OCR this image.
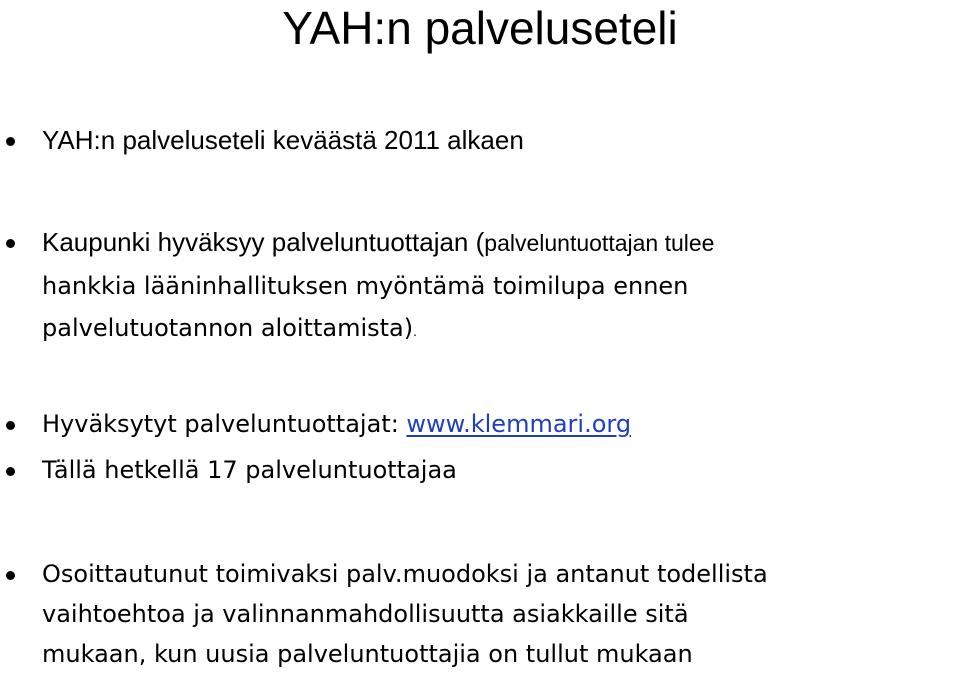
YAH:n palveluseteli
YAH:n palveluseteli keväästä 2011 alkaen
Kaupunki hyväksyy palveluntuottajan (palveluntuottajan tulee
hankkia lääninhallituksen myöntämä toimilupa ennen
palvelutuotannon aloittamista).
Hyväksytyt palveluntuottajat: www.klemmari.org
Tällä hetkellä 17 palveluntuottajaa
Osoittautunut toimivaksi palv.muodoksi ja antanut todellista
vaihtoehtoa ja valinnanmahdollisuutta asiakkaille sitä
mukaan, kun uusia palveluntuottajia on tullut mukaan
